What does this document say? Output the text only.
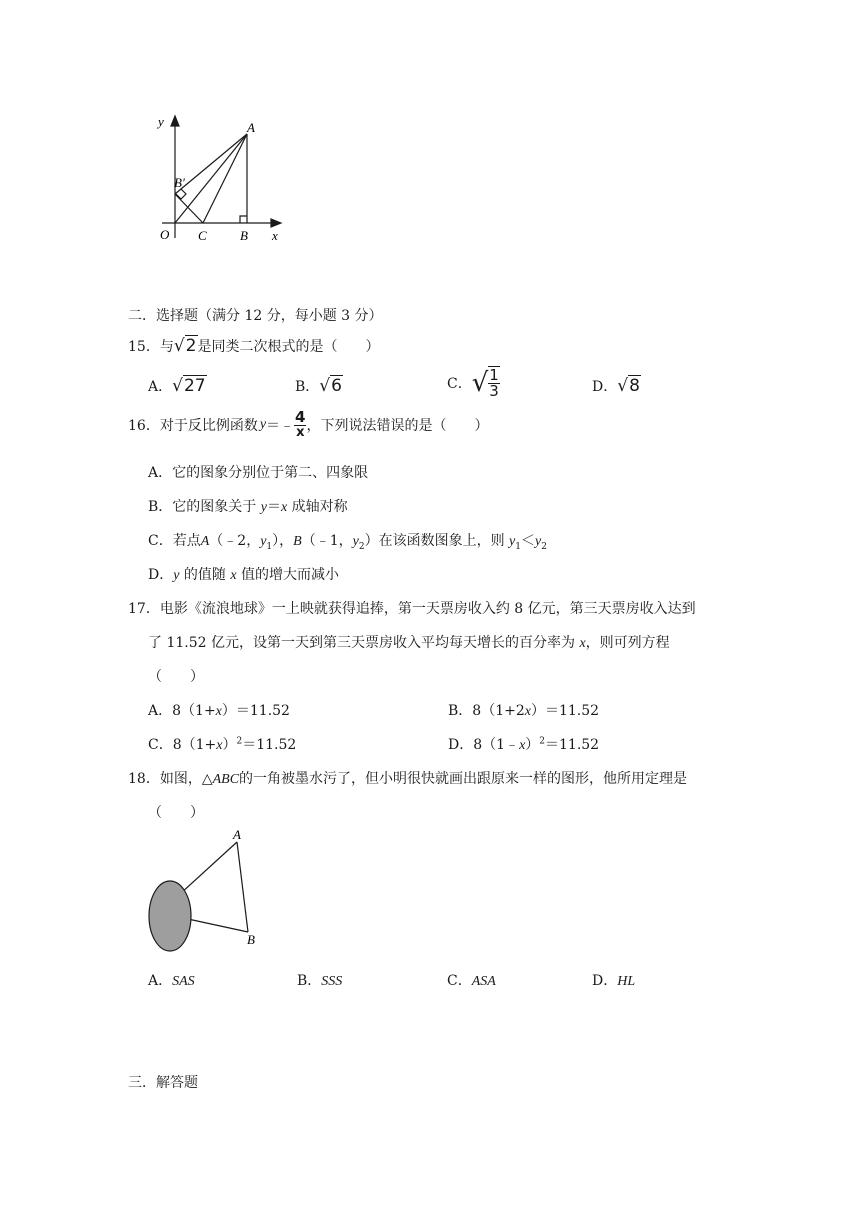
y	A
B′
O C	B x
二．选择题（满分 12 分，每小题 3 分）
15．与√2是同类二次根式的是（　　）
A．√27	B．√6	C． √ $\frac{1}{3}$	D．√8
16． 对于反比例函数 y ＝﹣ $\frac{4}{x}$ ，下列说法错误的是（　　）
A．它的图象分别位于第二、四象限
B．它的图象关于 y＝x 成轴对称
C．若点A（﹣2，$y_1$），B（﹣1，$y_2$）在该函数图象上，则 $y_1<y_2$
D．y 的值随 x 值的增大而减小
17．电影《流浪地球》一上映就获得追捧，第一天票房收入约 8 亿元，第三天票房收入达到
了 11.52 亿元，设第一天到第三天票房收入平均每天增长的百分率为 x，则可列方程
（　　）
A．8（1+x）＝11.52	B．8（1+2x）＝11.52
C．$8(1+x)^2=11.52$	D．8（1﹣x）$^2$＝11.52
18．如图，△ABC的一角被墨水污了，但小明很快就画出跟原来一样的图形，他所用定理是
（　　）
A
B
A．SAS	B．SSS	C．ASA	D．HL
三．解答题
